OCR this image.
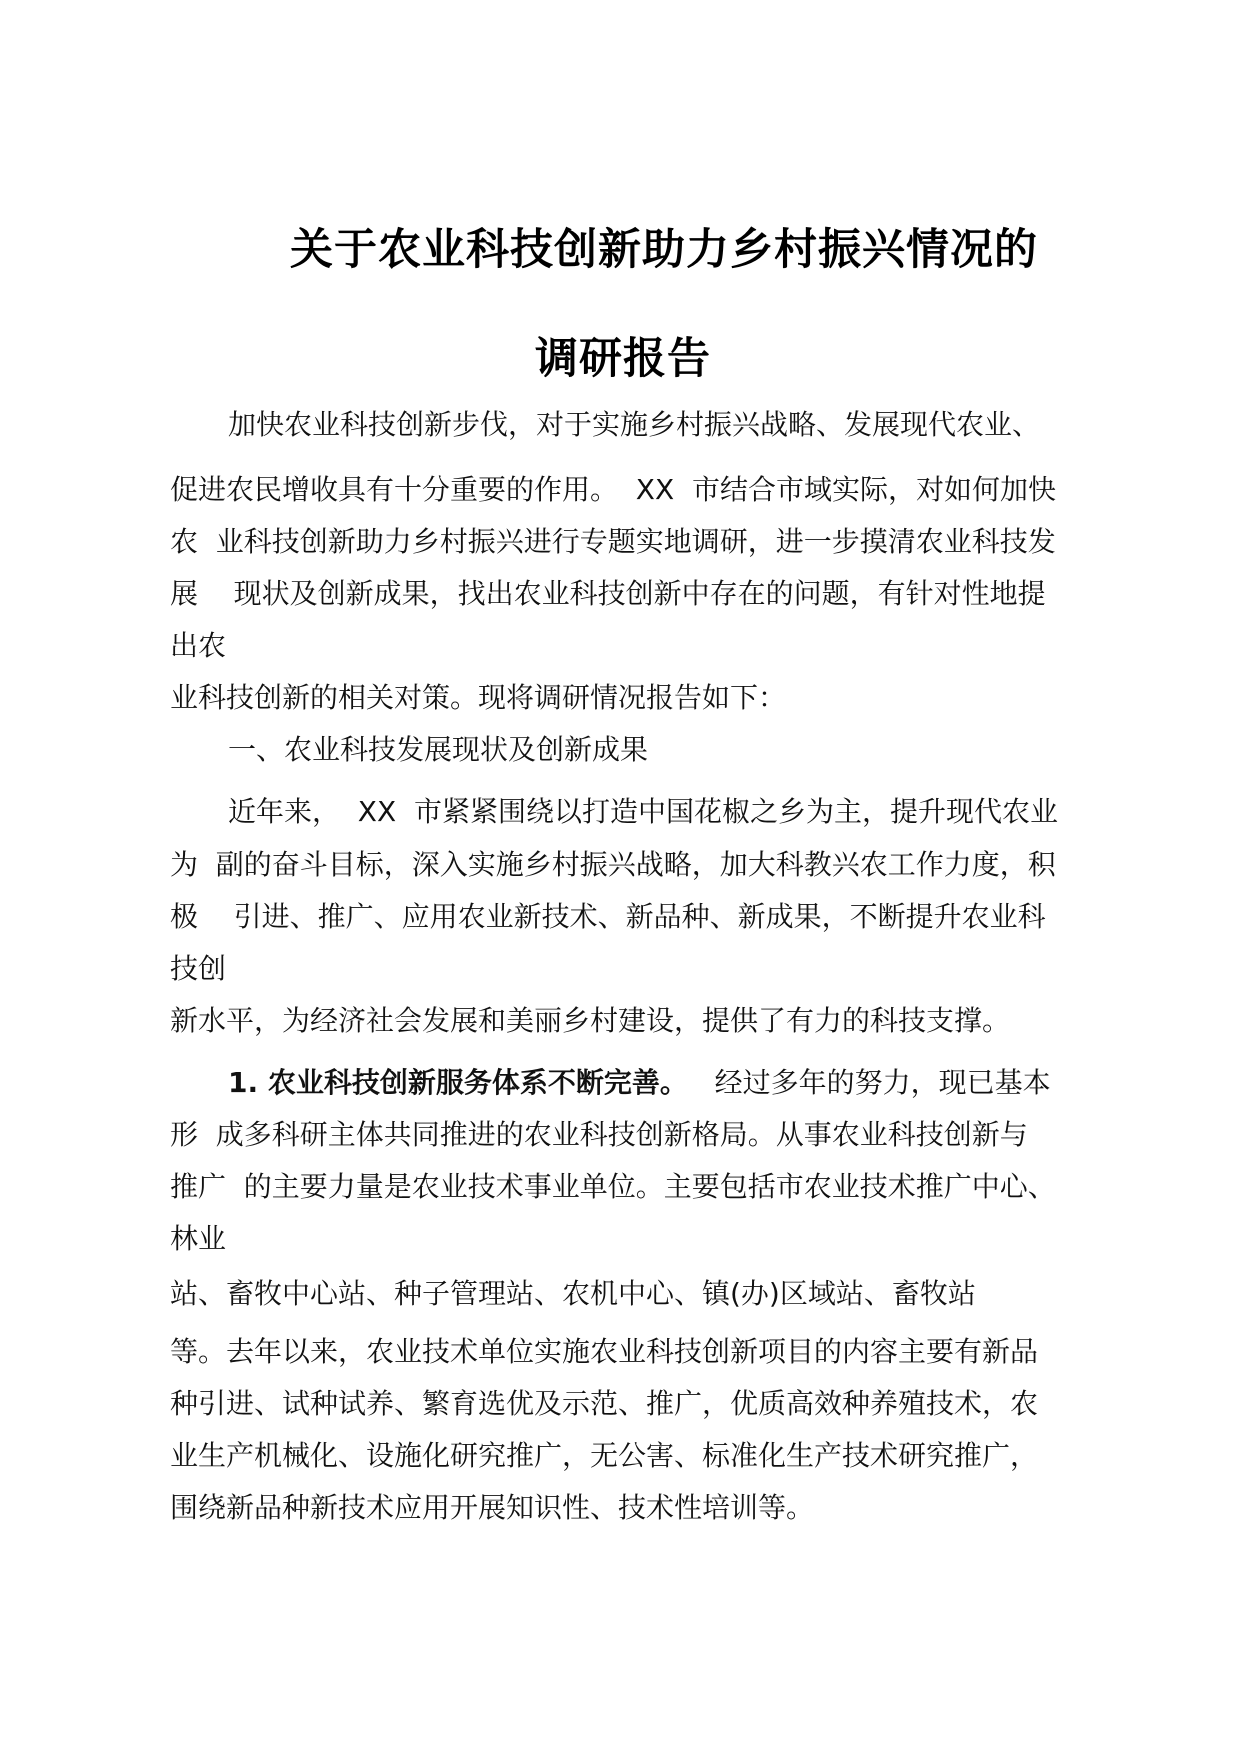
关于农业科技创新助力乡村振兴情况的
调研报告
加快农业科技创新步伐，对于实施乡村振兴战略、发展现代农业、
促进农民增收具有十分重要的作用。  XX  市结合市域实际，对如何加快
农  业科技创新助力乡村振兴进行专题实地调研，进一步摸清农业科技发
展    现状及创新成果，找出农业科技创新中存在的问题，有针对性地提
出农
业科技创新的相关对策。现将调研情况报告如下：
一、农业科技发展现状及创新成果
近年来，  XX  市紧紧围绕以打造中国花椒之乡为主，提升现代农业
为  副的奋斗目标，深入实施乡村振兴战略，加大科教兴农工作力度，积
极    引进、推广、应用农业新技术、新品种、新成果，不断提升农业科
技创
新水平，为经济社会发展和美丽乡村建设，提供了有力的科技支撑。
1. 农业科技创新服务体系不断完善。   经过多年的努力，现已基本
形  成多科研主体共同推进的农业科技创新格局。从事农业科技创新与
推广  的主要力量是农业技术事业单位。主要包括市农业技术推广中心、
林业
站、畜牧中心站、种子管理站、农机中心、镇(办)区域站、畜牧站
等。去年以来，农业技术单位实施农业科技创新项目的内容主要有新品
种引进、试种试养、繁育选优及示范、推广，优质高效种养殖技术，农
业生产机械化、设施化研究推广，无公害、标准化生产技术研究推广，
围绕新品种新技术应用开展知识性、技术性培训等。
